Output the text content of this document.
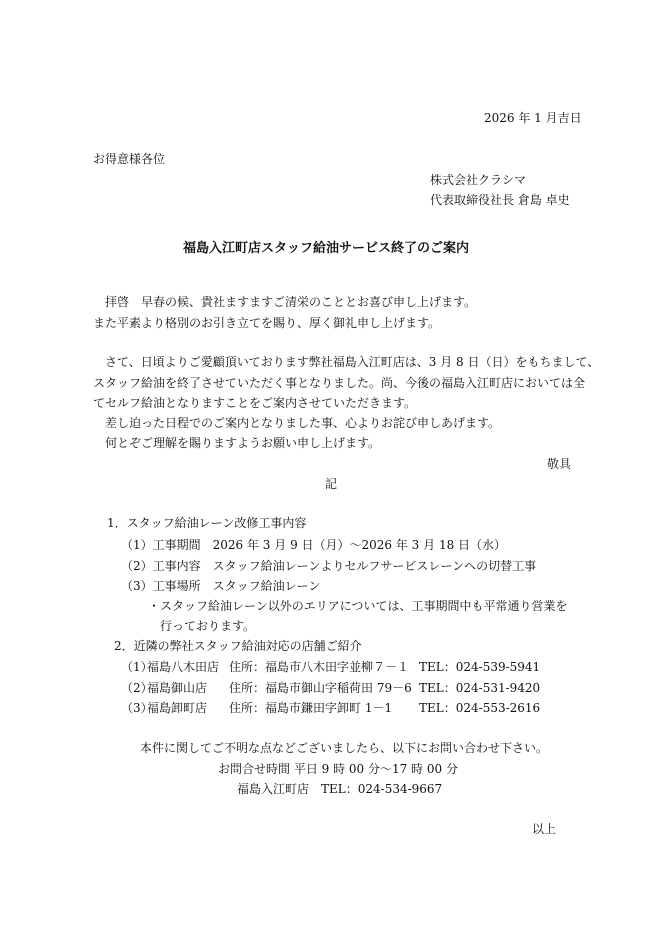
2026 年 1 月吉日
お得意様各位
株式会社クラシマ
代表取締役社長 倉島 卓史
福島入江町店スタッフ給油サービス終了のご案内
　拝啓　早春の候、貴社ますますご清栄のこととお喜び申し上げます。
また平素より格別のお引き立てを賜り、厚く御礼申し上げます。
　さて、日頃よりご愛顧頂いております弊社福島入江町店は、3 月 8 日（日）をもちまして、
スタッフ給油を終了させていただく事となりました。尚、今後の福島入江町店においては全
てセルフ給油となりますことをご案内させていただきます。
　差し迫った日程でのご案内となりました事、心よりお詫び申しあげます。
　何とぞご理解を賜りますようお願い申し上げます。
敬具
記
1．スタッフ給油レーン改修工事内容
（1）工事期間　2026 年 3 月 9 日（月）～2026 年 3 月 18 日（水）
（2）工事内容　スタッフ給油レーンよりセルフサービスレーンへの切替工事
（3）工事場所　スタッフ給油レーン
・スタッフ給油レーン以外のエリアについては、工事期間中も平常通り営業を
行っております。
2．近隣の弊社スタッフ給油対応の店舗ご紹介
（1）
福島八木田店 住所：福島市八木田字並柳７－１ TEL：024-539-5941
（2）
福島御山店 住所：福島市御山字稲荷田 79－6 TEL：024-531-9420
（3）
福島卸町店 住所：福島市鎌田字卸町 1－1 TEL：024-553-2616
本件に関してご不明な点などございましたら、以下にお問い合わせ下さい。
お問合せ時間 平日 9 時 00 分～17 時 00 分
福島入江町店　TEL：024-534-9667
以上
